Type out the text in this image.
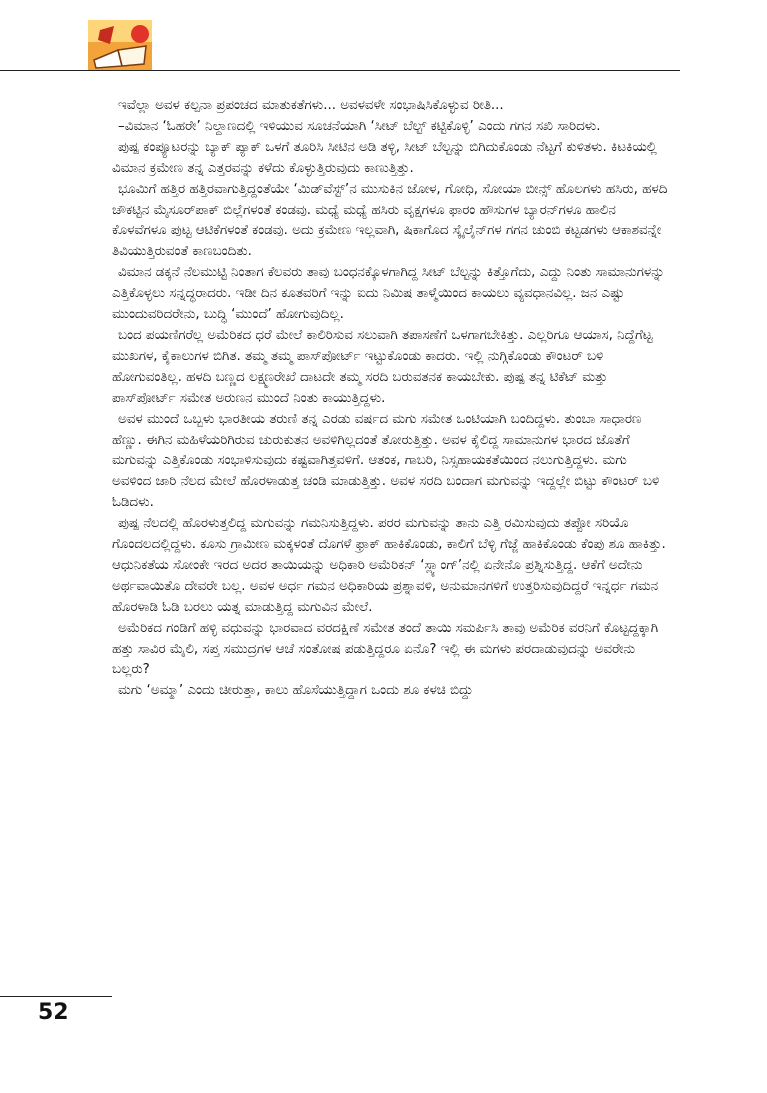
ಇವೆಲ್ಲಾ ಅವಳ ಕಲ್ಪನಾ ಪ್ರಪಂಚದ ಮಾತುಕತೆಗಳು... ಅವಳವಳೇ ಸಂಭಾಷಿಸಿಕೊಳ್ಳುವ ರೀತಿ...

–ವಿಮಾನ ‘ಓಹರೇ’ ನಿಲ್ದಾಣದಲ್ಲಿ ಇಳಿಯುವ ಸೂಚನೆಯಾಗಿ ‘ಸೀಟ್ ಬೆಲ್ಟ್ ಕಟ್ಟಿಕೊಳ್ಳಿ’ ಎಂದು ಗಗನ ಸಖಿ ಸಾರಿದಳು.

ಪುಷ್ಪ ಕಂಪ್ಯೂಟರನ್ನು ಬ್ಯಾಕ್ ಪ್ಯಾಕ್ ಒಳಗೆ ತೂರಿಸಿ ಸೀಟಿನ ಅಡಿ ತಳ್ಳಿ, ಸೀಟ್ ಬೆಲ್ಟನ್ನು ಬಿಗಿದುಕೊಂಡು ನೆಟ್ಟಗೆ ಕುಳಿತಳು. ಕಿಟಕಿಯಲ್ಲಿ ವಿಮಾನ ಕ್ರಮೇಣ ತನ್ನ ಎತ್ತರವನ್ನು ಕಳೆದು ಕೊಳ್ಳುತ್ತಿರುವುದು ಕಾಣುತ್ತಿತ್ತು.

ಭೂಮಿಗೆ ಹತ್ತಿರ ಹತ್ತಿರವಾಗುತ್ತಿದ್ದಂತೆಯೇ ‘ಮಿಡ್‌ವೆಸ್ಟ್’ನ ಮುಸುಕಿನ ಜೋಳ, ಗೋಧಿ, ಸೋಯಾ ಬೀನ್ಸ್ ಹೊಲಗಳು ಹಸಿರು, ಹಳದಿ ಚೌಕಟ್ಟಿನ ಮೈಸೂರ್‌ಪಾಕ್ ಬಿಲ್ಲೆಗಳಂತೆ ಕಂಡವು. ಮಧ್ಯೆ ಮಧ್ಯೆ ಹಸಿರು ವೃಕ್ಷಗಳೂ ಫಾರಂ ಹೌಸುಗಳ ಬ್ಯಾರನ್‌ಗಳೂ ಹಾಲಿನ ಕೊಳವೆಗಳೂ ಪುಟ್ಟ ಆಟಿಕೆಗಳಂತೆ ಕಂಡವು. ಅದು ಕ್ರಮೇಣ ಇಲ್ಲವಾಗಿ, ಷಿಕಾಗೊದ ಸ್ಕೈಲೈನ್‌ಗಳ ಗಗನ ಚುಂಬಿ ಕಟ್ಟಡಗಳು ಆಕಾಶವನ್ನೇ ತಿವಿಯುತ್ತಿರುವಂತೆ ಕಾಣಬಂದಿತು.

ವಿಮಾನ ಡಕ್ಕನೆ ನೆಲಮುಟ್ಟಿ ನಿಂತಾಗ ಕೆಲವರು ತಾವು ಬಂಧನಕ್ಕೊಳಗಾಗಿದ್ದ ಸೀಟ್ ಬೆಲ್ಟನ್ನು ಕಿತ್ತೊಗೆದು, ಎದ್ದು ನಿಂತು ಸಾಮಾನುಗಳನ್ನು ಎತ್ತಿಕೊಳ್ಳಲು ಸನ್ನದ್ಧರಾದರು. ಇಡೀ ದಿನ ಕೂತವರಿಗೆ ಇನ್ನು ಐದು ನಿಮಿಷ ತಾಳ್ಮೆಯಿಂದ ಕಾಯಲು ವ್ಯವಧಾನವಿಲ್ಲ. ಜನ ಎಷ್ಟು ಮುಂದುವರಿದರೇನು, ಬುದ್ಧಿ ‘ಮುಂದೆ’ ಹೋಗುವುದಿಲ್ಲ.

ಬಂದ ಪಯಣಿಗರೆಲ್ಲ ಅಮೆರಿಕದ ಧರೆ ಮೇಲೆ ಕಾಲಿರಿಸುವ ಸಲುವಾಗಿ ತಪಾಸಣೆಗೆ ಒಳಗಾಗಬೇಕಿತ್ತು. ಎಲ್ಲರಿಗೂ ಆಯಾಸ, ನಿದ್ದೆಗೆಟ್ಟ ಮುಖಗಳ, ಕೈಕಾಲುಗಳ ಬಿಗಿತ. ತಮ್ಮ ತಮ್ಮ ಪಾಸ್‌ಪೋರ್ಟ್ ಇಟ್ಟುಕೊಂಡು ಕಾದರು. ಇಲ್ಲಿ ನುಗ್ಗಿಕೊಂಡು ಕೌಂಟರ್ ಬಳಿ ಹೋಗುವಂತಿಲ್ಲ. ಹಳದಿ ಬಣ್ಣದ ಲಕ್ಷ್ಮಣರೇಖೆ ದಾಟದೇ ತಮ್ಮ ಸರದಿ ಬರುವತನಕ ಕಾಯಬೇಕು. ಪುಷ್ಪ ತನ್ನ ಟಿಕೆಟ್ ಮತ್ತು ಪಾಸ್‌ಪೋರ್ಟ್ ಸಮೇತ ಅರುಣನ ಮುಂದೆ ನಿಂತು ಕಾಯುತ್ತಿದ್ದಳು.

ಅವಳ ಮುಂದೆ ಒಬ್ಬಳು ಭಾರತೀಯ ತರುಣಿ ತನ್ನ ಎರಡು ವರ್ಷದ ಮಗು ಸಮೇತ ಒಂಟಿಯಾಗಿ ಬಂದಿದ್ದಳು. ತುಂಬಾ ಸಾಧಾರಣ ಹೆಣ್ಣು. ಈಗಿನ ಮಹಿಳೆಯರಿಗಿರುವ ಚುರುಕುತನ ಅವಳಿಗಿಲ್ಲದಂತೆ ತೋರುತ್ತಿತ್ತು. ಅವಳ ಕೈಲಿದ್ದ ಸಾಮಾನುಗಳ ಭಾರದ ಜೊತೆಗೆ ಮಗುವನ್ನು ಎತ್ತಿಕೊಂಡು ಸಂಭಾಳಿಸುವುದು ಕಷ್ಟವಾಗಿತ್ತವಳಿಗೆ. ಆತಂಕ, ಗಾಬರಿ, ನಿಸ್ಸಹಾಯಕತೆಯಿಂದ ನಲುಗುತ್ತಿದ್ದಳು. ಮಗು ಅವಳಿಂದ ಜಾರಿ ನೆಲದ ಮೇಲೆ ಹೊರಳಾಡುತ್ತ ಚಂಡಿ ಮಾಡುತ್ತಿತ್ತು. ಅವಳ ಸರದಿ ಬಂದಾಗ ಮಗುವನ್ನು ಇದ್ದಲ್ಲೇ ಬಿಟ್ಟು ಕೌಂಟರ್ ಬಳಿ ಓಡಿದಳು.

ಪುಷ್ಪ ನೆಲದಲ್ಲಿ ಹೊರಳುತ್ತಲಿದ್ದ ಮಗುವನ್ನು ಗಮನಿಸುತ್ತಿದ್ದಳು. ಪರರ ಮಗುವನ್ನು ತಾನು ಎತ್ತಿ ರಮಿಸುವುದು ತಪ್ಪೋ ಸರಿಯೊ ಗೊಂದಲದಲ್ಲಿದ್ದಳು. ಕೂಸು ಗ್ರಾಮೀಣ ಮಕ್ಕಳಂತೆ ದೊಗಳೆ ಫ್ರಾಕ್ ಹಾಕಿಕೊಂಡು, ಕಾಲಿಗೆ ಬೆಳ್ಳಿ ಗೆಜ್ಜೆ ಹಾಕಿಕೊಂಡು ಕೆಂಪು ಶೂ ಹಾಕಿತ್ತು. ಆಧುನಿಕತೆಯ ಸೋಂಕೇ ಇರದ ಅದರ ತಾಯಿಯನ್ನು ಅಧಿಕಾರಿ ಅಮೆರಿಕನ್ ‘ಸ್ಲ್ಯಾಂಗ್’ನಲ್ಲಿ ಏನೇನೊ ಪ್ರಶ್ನಿಸುತ್ತಿದ್ದ. ಆಕೆಗೆ ಅದೇನು ಅರ್ಥವಾಯಿತೊ ದೇವರೇ ಬಲ್ಲ. ಅವಳ ಅರ್ಧ ಗಮನ ಅಧಿಕಾರಿಯ ಪ್ರಶ್ನಾವಳಿ, ಅನುಮಾನಗಳಿಗೆ ಉತ್ತರಿಸುವುದಿದ್ದರೆ ಇನ್ನರ್ಧ ಗಮನ ಹೊರಳಾಡಿ ಓಡಿ ಬರಲು ಯತ್ನ ಮಾಡುತ್ತಿದ್ದ ಮಗುವಿನ ಮೇಲೆ.

ಅಮೆರಿಕದ ಗಂಡಿಗೆ ಹಳ್ಳಿ ವಧುವನ್ನು ಭಾರವಾದ ವರದಕ್ಷಿಣೆ ಸಮೇತ ತಂದೆ ತಾಯಿ ಸಮರ್ಪಿಸಿ ತಾವು ಅಮೆರಿಕ ವರನಿಗೆ ಕೊಟ್ಟದ್ದಕ್ಕಾಗಿ ಹತ್ತು ಸಾವಿರ ಮೈಲಿ, ಸಪ್ತ ಸಮುದ್ರಗಳ ಆಚೆ ಸಂತೋಷ ಪಡುತ್ತಿದ್ದರೂ ಏನೊ? ಇಲ್ಲಿ ಈ ಮಗಳು ಪರದಾಡುವುದನ್ನು ಅವರೇನು ಬಲ್ಲರು?

ಮಗು ‘ಅಮ್ಮಾ’ ಎಂದು ಚೀರುತ್ತಾ, ಕಾಲು ಹೊಸೆಯುತ್ತಿದ್ದಾಗ ಒಂದು ಶೂ ಕಳಚಿ ಬಿದ್ದು

52
